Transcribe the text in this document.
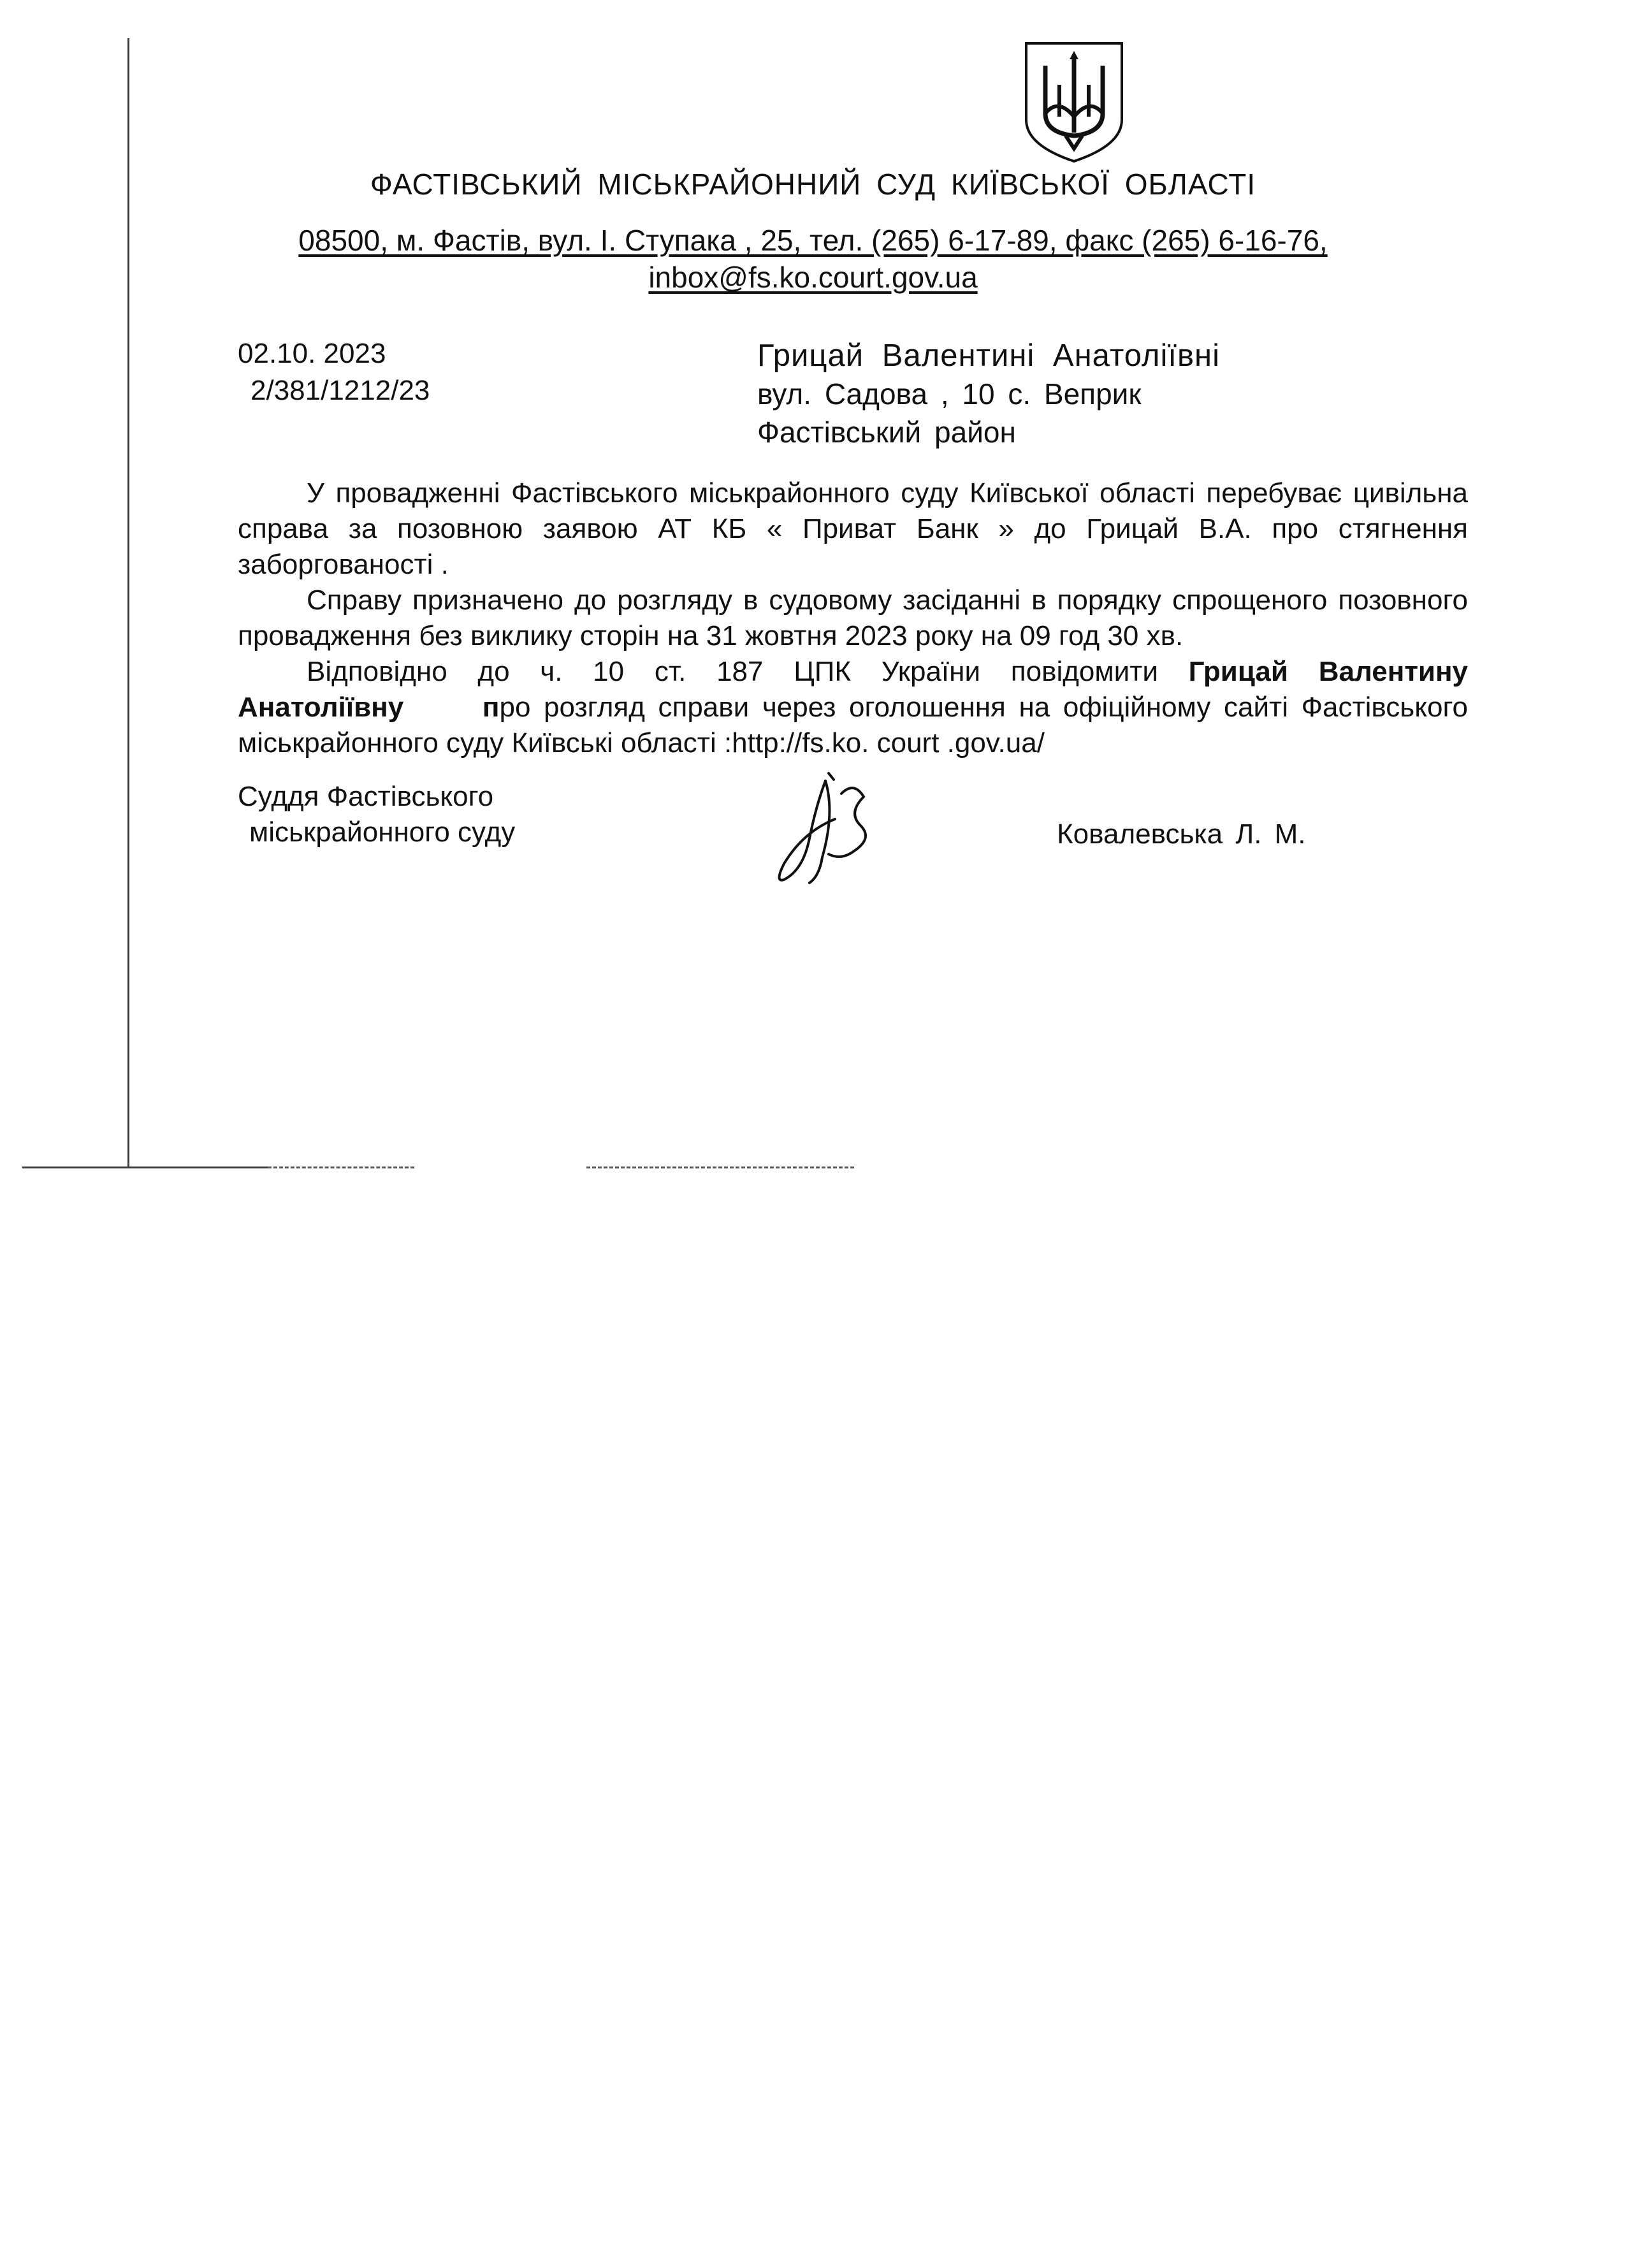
ФАСТІВСЬКИЙ МІСЬКРАЙОННИЙ СУД КИЇВСЬКОЇ ОБЛАСТІ
08500, м. Фастів, вул. І. Ступака , 25, тел. (265) 6-17-89, факс (265) 6-16-76,
inbox@fs.ko.court.gov.ua
02.10. 2023
2/381/1212/23
Грицай Валентині Анатоліївні
вул. Садова , 10 с. Веприк
Фастівський район

У провадженні Фастівського міськрайонного суду Київської області перебуває цивільна справа за позовною заявою АТ КБ « Приват Банк » до Грицай В.А. про стягнення заборгованості .

Справу призначено до розгляду в судовому засіданні в порядку спрощеного позовного провадження без виклику сторін на 31 жовтня 2023 року на 09 год 30 хв.

Відповідно до ч. 10 ст. 187 ЦПК України повідомити Грицай Валентину Анатоліївну	про розгляд справи через оголошення на офіційному сайті Фастівського міськрайонного суду Київські області :http://fs.ko. court .gov.ua/

Суддя Фастівського
міськрайонного суду	Ковалевська Л. М.
